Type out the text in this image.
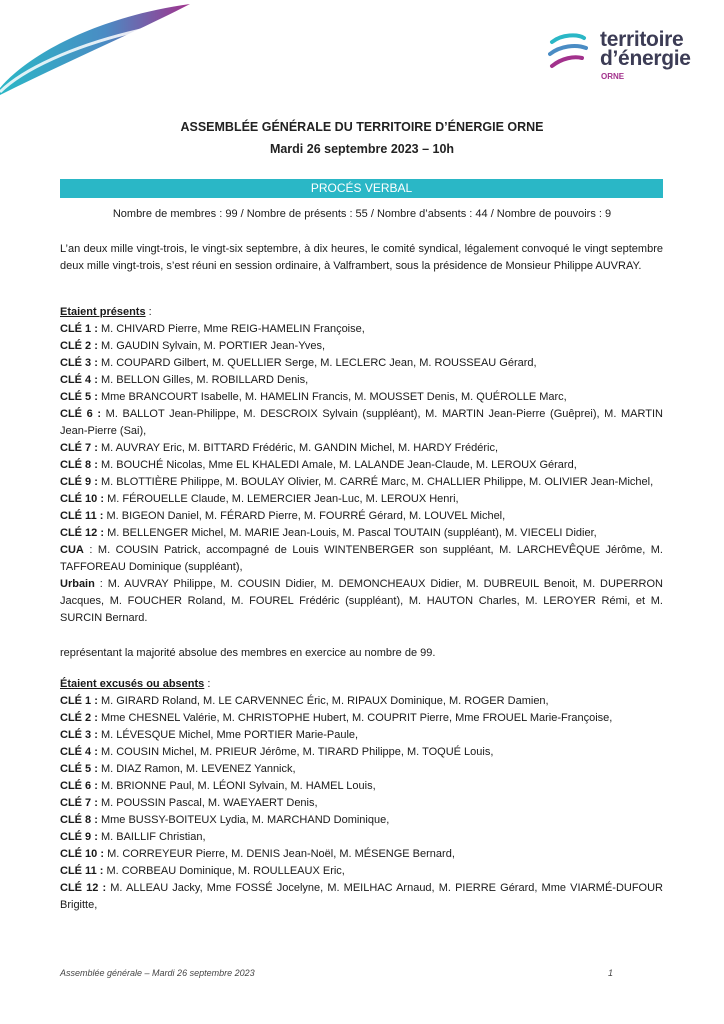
territoire
d’énergie
ORNE
ASSEMBLÉE GÉNÉRALE DU TERRITOIRE D’ÉNERGIE ORNE
Mardi 26 septembre 2023 – 10h
PROCÉS VERBAL
Nombre de membres : 99 / Nombre de présents : 55 / Nombre d’absents : 44 / Nombre de pouvoirs : 9
L’an deux mille vingt-trois, le vingt-six septembre, à dix heures, le comité syndical, légalement convoqué le vingt septembre deux mille vingt-trois, s’est réuni en session ordinaire, à Valframbert, sous la présidence de Monsieur Philippe AUVRAY.
Etaient présents :
CLÉ 1 : M. CHIVARD Pierre, Mme REIG-HAMELIN Françoise,
CLÉ 2 : M. GAUDIN Sylvain, M. PORTIER Jean-Yves,
CLÉ 3 : M. COUPARD Gilbert, M. QUELLIER Serge, M. LECLERC Jean, M. ROUSSEAU Gérard,
CLÉ 4 : M. BELLON Gilles, M. ROBILLARD Denis,
CLÉ 5 : Mme BRANCOURT Isabelle, M. HAMELIN Francis, M. MOUSSET Denis, M. QUÉROLLE Marc,
CLÉ 6 : M. BALLOT Jean-Philippe, M. DESCROIX Sylvain (suppléant), M. MARTIN Jean-Pierre (Guêprei), M. MARTIN Jean-Pierre (Sai),
CLÉ 7 : M. AUVRAY Eric, M. BITTARD Frédéric, M. GANDIN Michel, M. HARDY Frédéric,
CLÉ 8 : M. BOUCHÉ Nicolas, Mme EL KHALEDI Amale, M. LALANDE Jean-Claude, M. LEROUX Gérard,
CLÉ 9 : M. BLOTTIÈRE Philippe, M. BOULAY Olivier, M. CARRÉ Marc, M. CHALLIER Philippe, M. OLIVIER Jean-Michel,
CLÉ 10 : M. FÉROUELLE Claude, M. LEMERCIER Jean-Luc, M. LEROUX Henri,
CLÉ 11 : M. BIGEON Daniel, M. FÉRARD Pierre, M. FOURRÉ Gérard, M. LOUVEL Michel,
CLÉ 12 : M. BELLENGER Michel, M. MARIE Jean-Louis, M. Pascal TOUTAIN (suppléant), M. VIECELI Didier,
CUA : M. COUSIN Patrick, accompagné de Louis WINTENBERGER son suppléant, M. LARCHEVÊQUE Jérôme, M. TAFFOREAU Dominique (suppléant),
Urbain : M. AUVRAY Philippe, M. COUSIN Didier, M. DEMONCHEAUX Didier, M. DUBREUIL Benoit, M. DUPERRON Jacques, M. FOUCHER Roland, M. FOUREL Frédéric (suppléant), M. HAUTON Charles, M. LEROYER Rémi, et M. SURCIN Bernard.
représentant la majorité absolue des membres en exercice au nombre de 99.
Étaient excusés ou absents :
CLÉ 1 : M. GIRARD Roland, M. LE CARVENNEC Éric, M. RIPAUX Dominique, M. ROGER Damien,
CLÉ 2 : Mme CHESNEL Valérie, M. CHRISTOPHE Hubert, M. COUPRIT Pierre, Mme FROUEL Marie-Françoise,
CLÉ 3 : M. LÉVESQUE Michel, Mme PORTIER Marie-Paule,
CLÉ 4 : M. COUSIN Michel, M. PRIEUR Jérôme, M. TIRARD Philippe, M. TOQUÉ Louis,
CLÉ 5 : M. DIAZ Ramon, M. LEVENEZ Yannick,
CLÉ 6 : M. BRIONNE Paul, M. LÉONI Sylvain, M. HAMEL Louis,
CLÉ 7 : M. POUSSIN Pascal, M. WAEYAERT Denis,
CLÉ 8 : Mme BUSSY-BOITEUX Lydia, M. MARCHAND Dominique,
CLÉ 9 : M. BAILLIF Christian,
CLÉ 10 : M. CORREYEUR Pierre, M. DENIS Jean-Noël, M. MÉSENGE Bernard,
CLÉ 11 : M. CORBEAU Dominique, M. ROULLEAUX Eric,
CLÉ 12 : M. ALLEAU Jacky, Mme FOSSÉ Jocelyne, M. MEILHAC Arnaud, M. PIERRE Gérard, Mme VIARMÉ-DUFOUR Brigitte,
Assemblée générale – Mardi 26 septembre 2023	1
